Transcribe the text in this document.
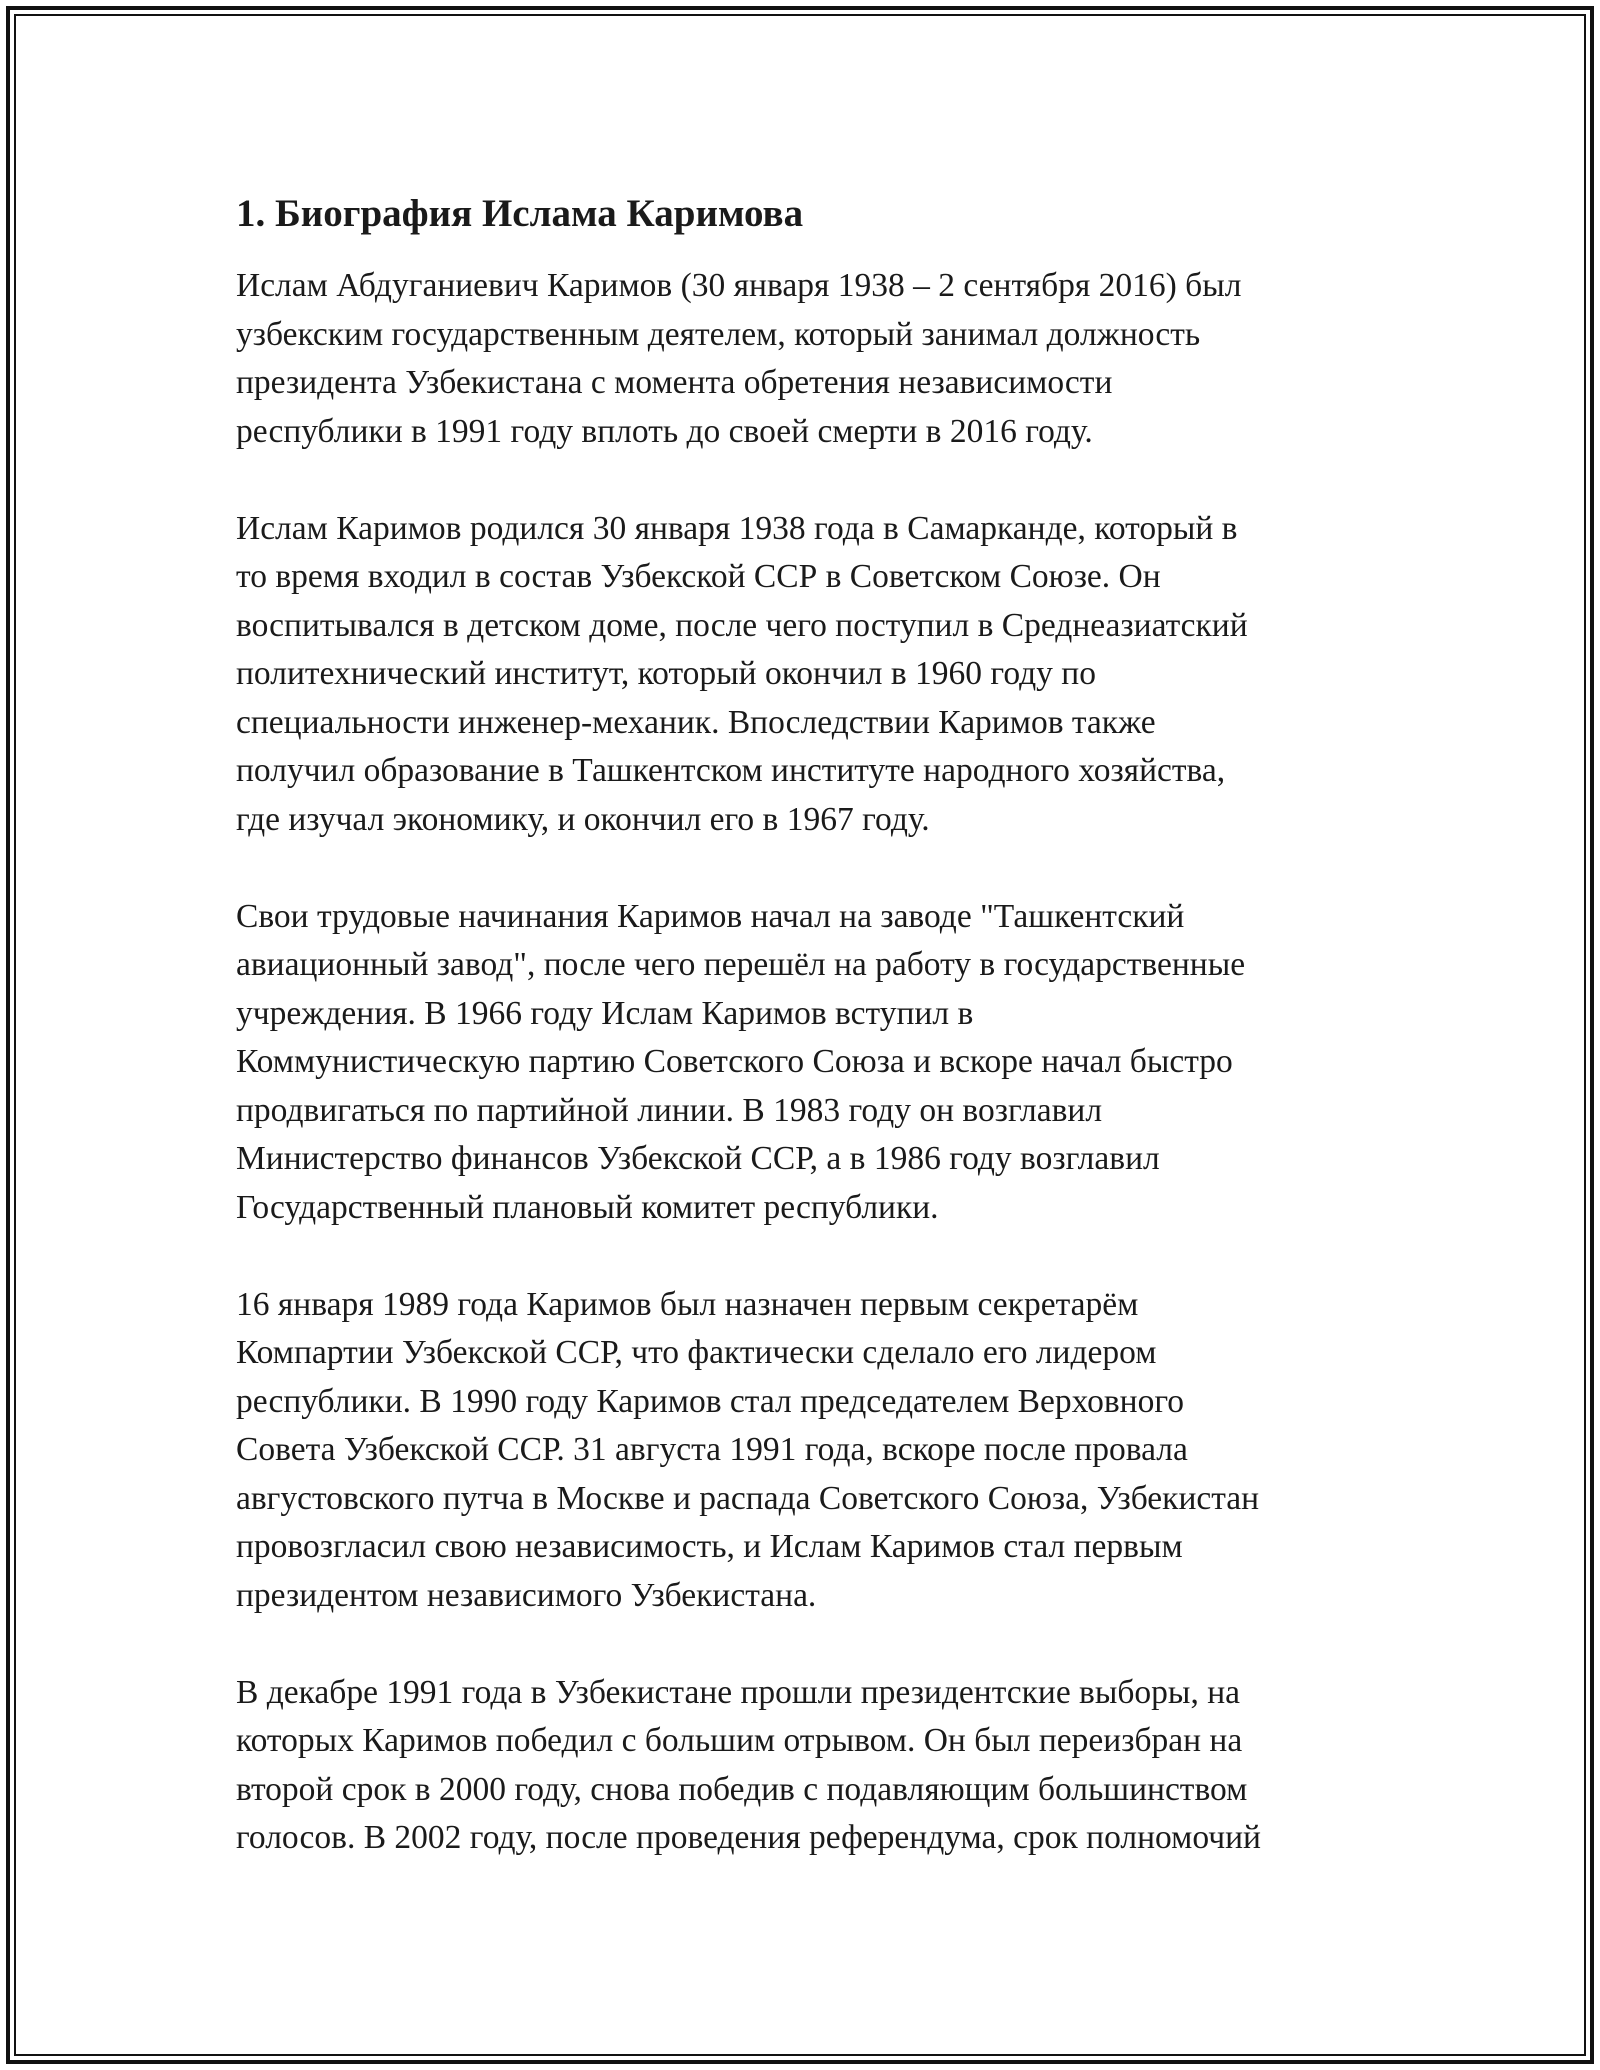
1. Биография Ислама Каримова
Ислам Абдуганиевич Каримов (30 января 1938 – 2 сентября 2016) был
узбекским государственным деятелем, который занимал должность
президента Узбекистана с момента обретения независимости
республики в 1991 году вплоть до своей смерти в 2016 году.
Ислам Каримов родился 30 января 1938 года в Самарканде, который в
то время входил в состав Узбекской ССР в Советском Союзе. Он
воспитывался в детском доме, после чего поступил в Среднеазиатский
политехнический институт, который окончил в 1960 году по
специальности инженер-механик. Впоследствии Каримов также
получил образование в Ташкентском институте народного хозяйства,
где изучал экономику, и окончил его в 1967 году.
Свои трудовые начинания Каримов начал на заводе "Ташкентский
авиационный завод", после чего перешёл на работу в государственные
учреждения. В 1966 году Ислам Каримов вступил в
Коммунистическую партию Советского Союза и вскоре начал быстро
продвигаться по партийной линии. В 1983 году он возглавил
Министерство финансов Узбекской ССР, а в 1986 году возглавил
Государственный плановый комитет республики.
16 января 1989 года Каримов был назначен первым секретарём
Компартии Узбекской ССР, что фактически сделало его лидером
республики. В 1990 году Каримов стал председателем Верховного
Совета Узбекской ССР. 31 августа 1991 года, вскоре после провала
августовского путча в Москве и распада Советского Союза, Узбекистан
провозгласил свою независимость, и Ислам Каримов стал первым
президентом независимого Узбекистана.
В декабре 1991 года в Узбекистане прошли президентские выборы, на
которых Каримов победил с большим отрывом. Он был переизбран на
второй срок в 2000 году, снова победив с подавляющим большинством
голосов. В 2002 году, после проведения референдума, срок полномочий
